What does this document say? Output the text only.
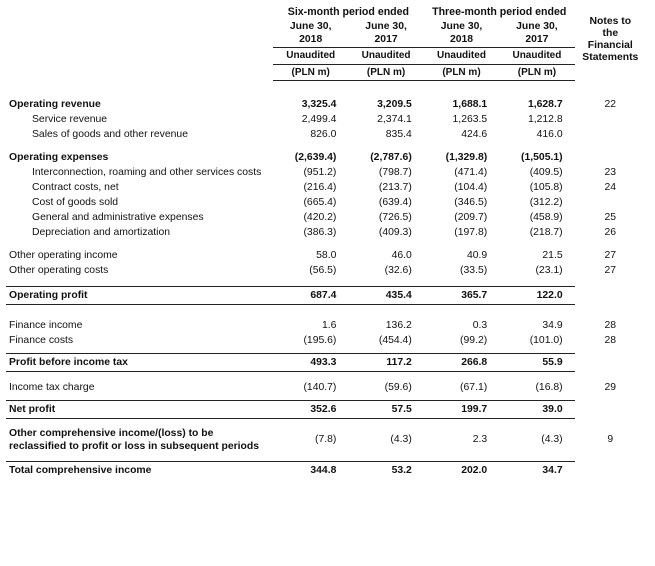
	Six-month period ended		Three-month period ended		Notes to
the
Financial
Statements

	June 30,	June 30,	June 30,	June 30,	
	2018	2017	2018	2017	
	Unaudited	Unaudited	Unaudited	Unaudited	
	(PLN m)	(PLN m)	(PLN m)	(PLN m)	

Operating revenue	3,325.4	3,209.5	1,688.1	1,628.7	22
Service revenue	2,499.4	2,374.1	1,263.5	1,212.8	
Sales of goods and other revenue	826.0	835.4	424.6	416.0	

Operating expenses	(2,639.4)	(2,787.6)	(1,329.8)	(1,505.1)	
Interconnection, roaming and other services costs	(951.2)	(798.7)	(471.4)	(409.5)	23
Contract costs, net	(216.4)	(213.7)	(104.4)	(105.8)	24
Cost of goods sold	(665.4)	(639.4)	(346.5)	(312.2)	
General and administrative expenses	(420.2)	(726.5)	(209.7)	(458.9)	25
Depreciation and amortization	(386.3)	(409.3)	(197.8)	(218.7)	26

Other operating income	58.0	46.0	40.9	21.5	27
Other operating costs	(56.5)	(32.6)	(33.5)	(23.1)	27

Operating profit	687.4	435.4	365.7	122.0	

Finance income	1.6	136.2	0.3	34.9	28
Finance costs	(195.6)	(454.4)	(99.2)	(101.0)	28

Profit before income tax	493.3	117.2	266.8	55.9	

Income tax charge	(140.7)	(59.6)	(67.1)	(16.8)	29

Net profit	352.6	57.5	199.7	39.0	

Other comprehensive income/(loss) to be reclassified to profit or loss in subsequent periods	(7.8)	(4.3)	2.3	(4.3)	9

Total comprehensive income	344.8	53.2	202.0	34.7	
